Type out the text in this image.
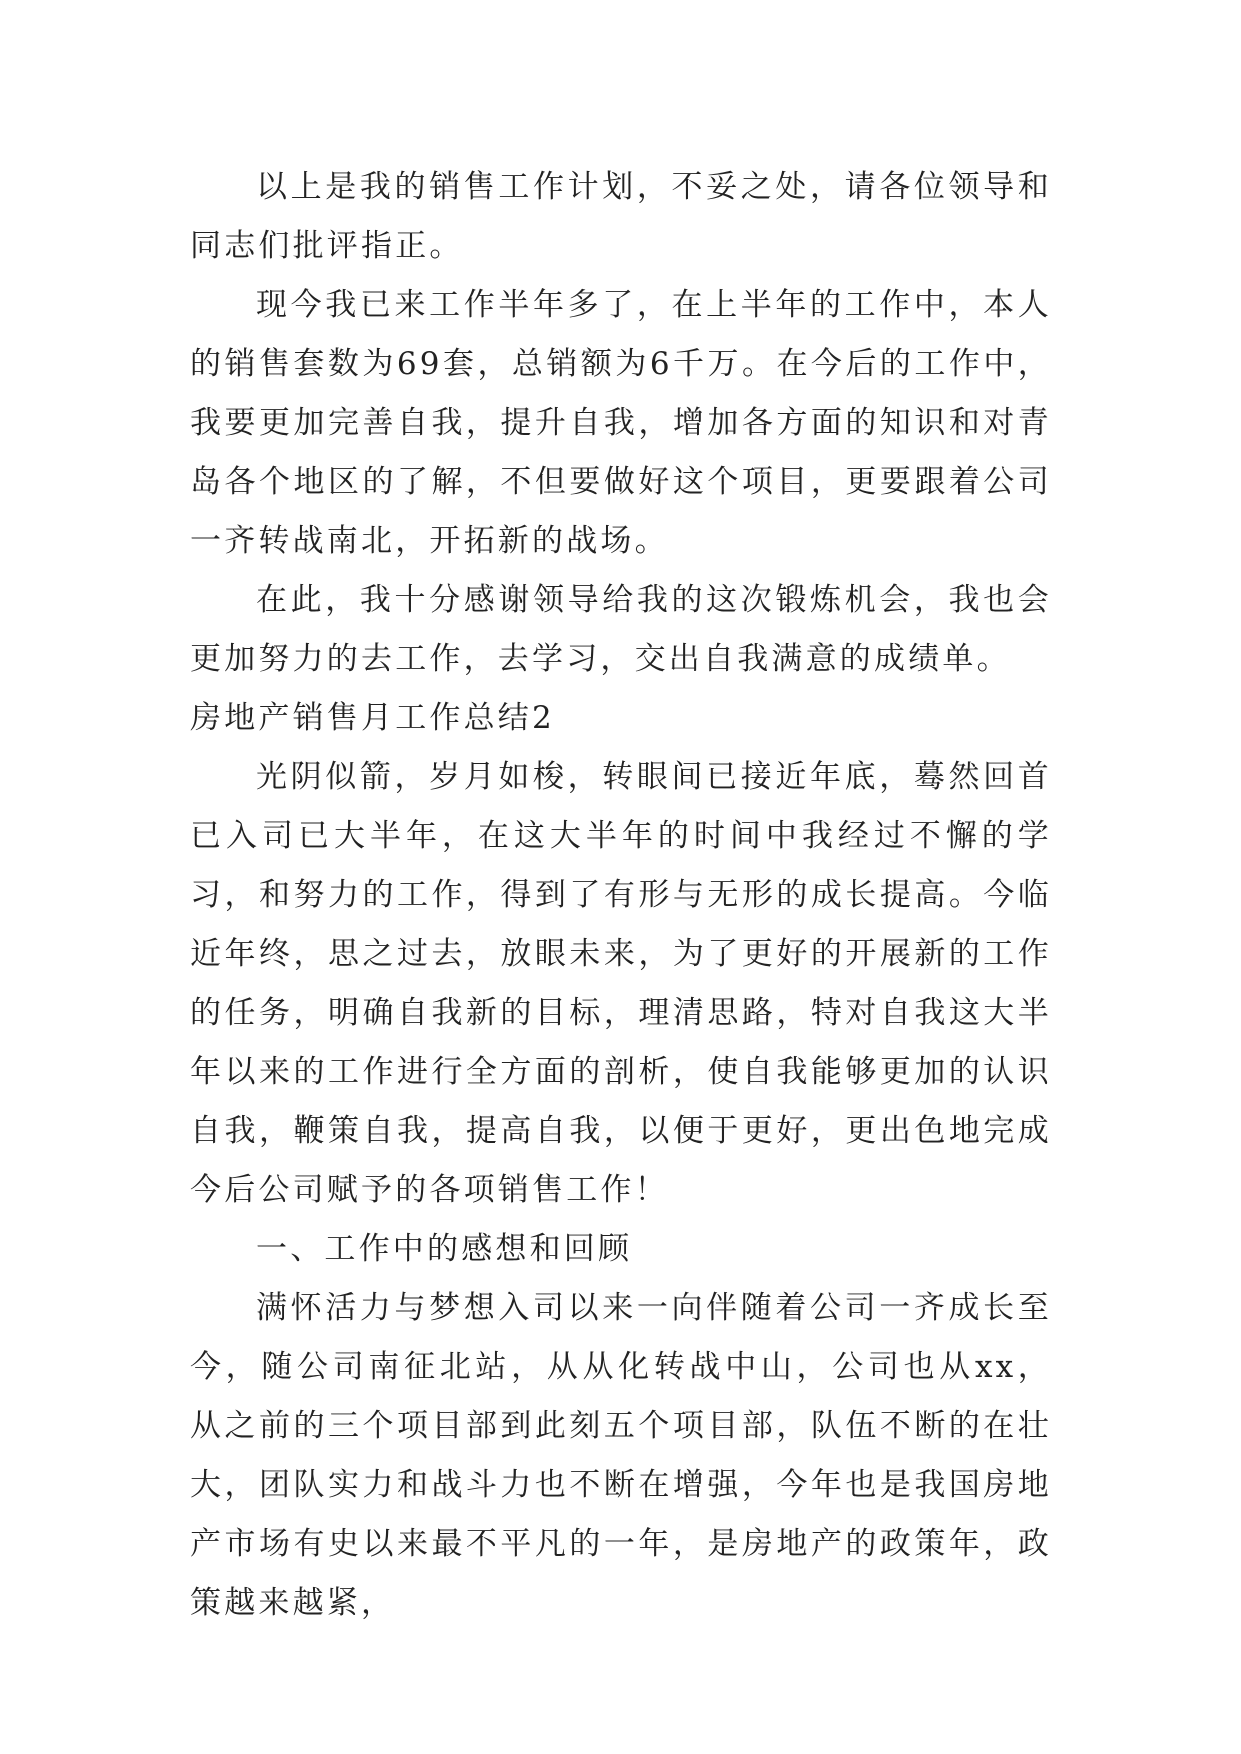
以上是我的销售工作计划，不妥之处，请各位领导和同志们批评指正。

现今我已来工作半年多了，在上半年的工作中，本人的销售套数为69套，总销额为6千万。在今后的工作中，我要更加完善自我，提升自我，增加各方面的知识和对青岛各个地区的了解，不但要做好这个项目，更要跟着公司一齐转战南北，开拓新的战场。

在此，我十分感谢领导给我的这次锻炼机会，我也会更加努力的去工作，去学习，交出自我满意的成绩单。

房地产销售月工作总结2

光阴似箭，岁月如梭，转眼间已接近年底，蓦然回首已入司已大半年，在这大半年的时间中我经过不懈的学习，和努力的工作，得到了有形与无形的成长提高。今临近年终，思之过去，放眼未来，为了更好的开展新的工作的任务，明确自我新的目标，理清思路，特对自我这大半年以来的工作进行全方面的剖析，使自我能够更加的认识自我，鞭策自我，提高自我，以便于更好，更出色地完成今后公司赋予的各项销售工作！

一、工作中的感想和回顾

满怀活力与梦想入司以来一向伴随着公司一齐成长至今，随公司南征北站，从从化转战中山，公司也从xx，从之前的三个项目部到此刻五个项目部，队伍不断的在壮大，团队实力和战斗力也不断在增强，今年也是我国房地产市场有史以来最不平凡的一年，是房地产的政策年，政策越来越紧，
